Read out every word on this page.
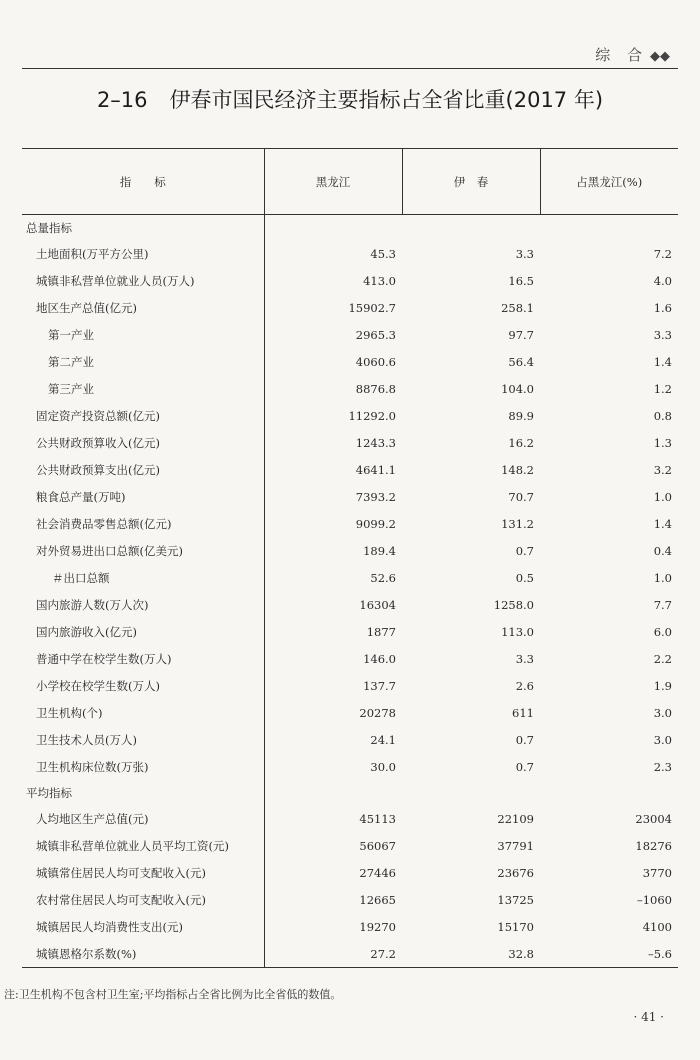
综 合 ◆◆
2–16 伊春市国民经济主要指标占全省比重(2017 年)
指　　标	黑龙江	伊　春	占黑龙江(%)
总量指标			
土地面积(万平方公里)	45.3	3.3	7.2
城镇非私营单位就业人员(万人)	413.0	16.5	4.0
地区生产总值(亿元)	15902.7	258.1	1.6
第一产业	2965.3	97.7	3.3
第二产业	4060.6	56.4	1.4
第三产业	8876.8	104.0	1.2
固定资产投资总额(亿元)	11292.0	89.9	0.8
公共财政预算收入(亿元)	1243.3	16.2	1.3
公共财政预算支出(亿元)	4641.1	148.2	3.2
粮食总产量(万吨)	7393.2	70.7	1.0
社会消费品零售总额(亿元)	9099.2	131.2	1.4
对外贸易进出口总额(亿美元)	189.4	0.7	0.4
＃出口总额	52.6	0.5	1.0
国内旅游人数(万人次)	16304	1258.0	7.7
国内旅游收入(亿元)	1877	113.0	6.0
普通中学在校学生数(万人)	146.0	3.3	2.2
小学校在校学生数(万人)	137.7	2.6	1.9
卫生机构(个)	20278	611	3.0
卫生技术人员(万人)	24.1	0.7	3.0
卫生机构床位数(万张)	30.0	0.7	2.3
平均指标			
人均地区生产总值(元)	45113	22109	23004
城镇非私营单位就业人员平均工资(元)	56067	37791	18276
城镇常住居民人均可支配收入(元)	27446	23676	3770
农村常住居民人均可支配收入(元)	12665	13725	–1060
城镇居民人均消费性支出(元)	19270	15170	4100
城镇恩格尔系数(%)	27.2	32.8	–5.6
注:卫生机构不包含村卫生室;平均指标占全省比例为比全省低的数值。
· 41 ·
